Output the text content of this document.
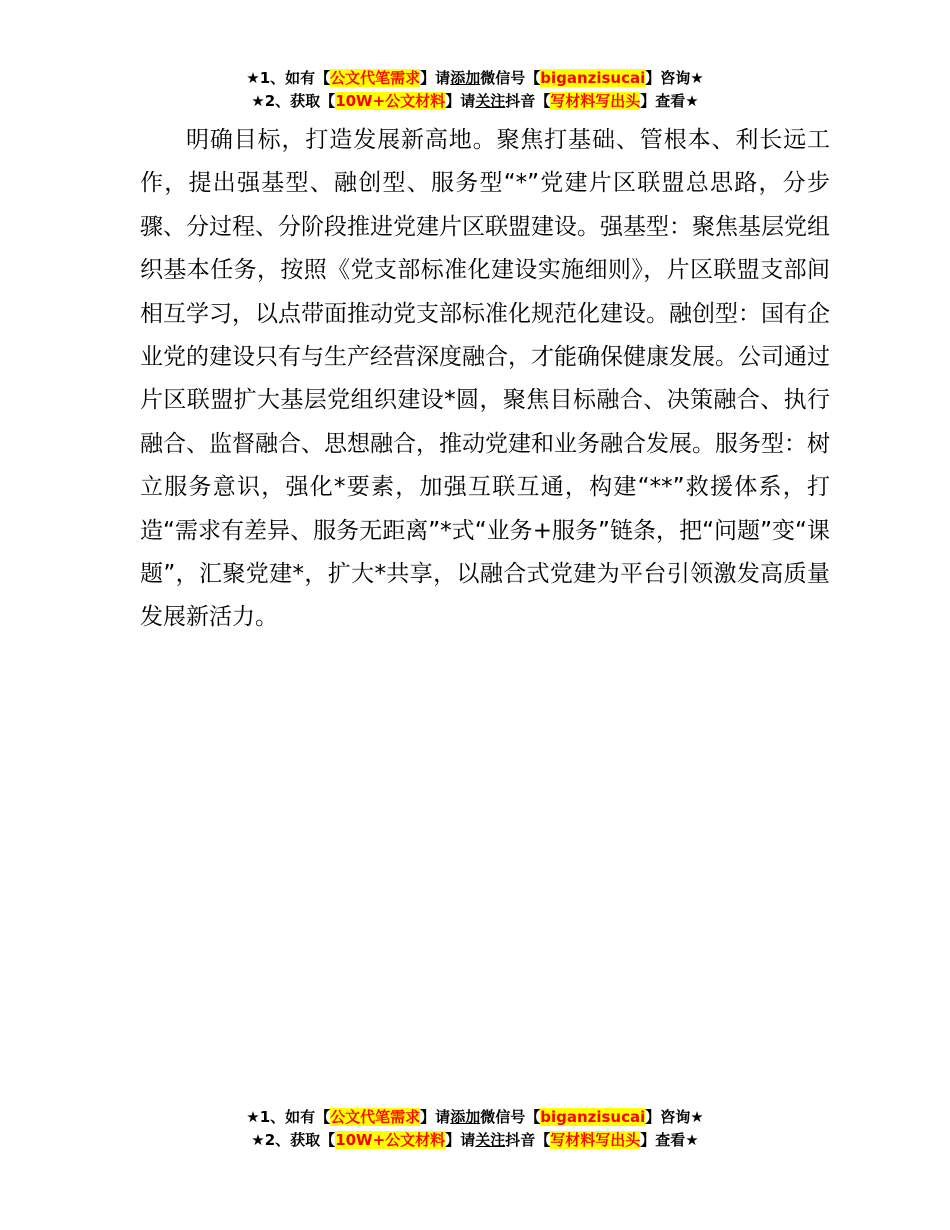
★1、如有【公文代笔需求】请添加微信号【biganzisucai】咨询★
★2、获取【10W+公文材料】请关注抖音【写材料写出头】查看★

明确目标，打造发展新高地。聚焦打基础、管根本、利长远工作，提出强基型、融创型、服务型“*”党建片区联盟总思路，分步骤、分过程、分阶段推进党建片区联盟建设。强基型：聚焦基层党组织基本任务，按照《党支部标准化建设实施细则》，片区联盟支部间相互学习，以点带面推动党支部标准化规范化建设。融创型：国有企业党的建设只有与生产经营深度融合，才能确保健康发展。公司通过片区联盟扩大基层党组织建设*圆，聚焦目标融合、决策融合、执行融合、监督融合、思想融合，推动党建和业务融合发展。服务型：树立服务意识，强化*要素，加强互联互通，构建“**”救援体系，打造“需求有差异、服务无距离”*式“业务+服务”链条，把“问题”变“课题”，汇聚党建*，扩大*共享，以融合式党建为平台引领激发高质量发展新活力。

★1、如有【公文代笔需求】请添加微信号【biganzisucai】咨询★
★2、获取【10W+公文材料】请关注抖音【写材料写出头】查看★
